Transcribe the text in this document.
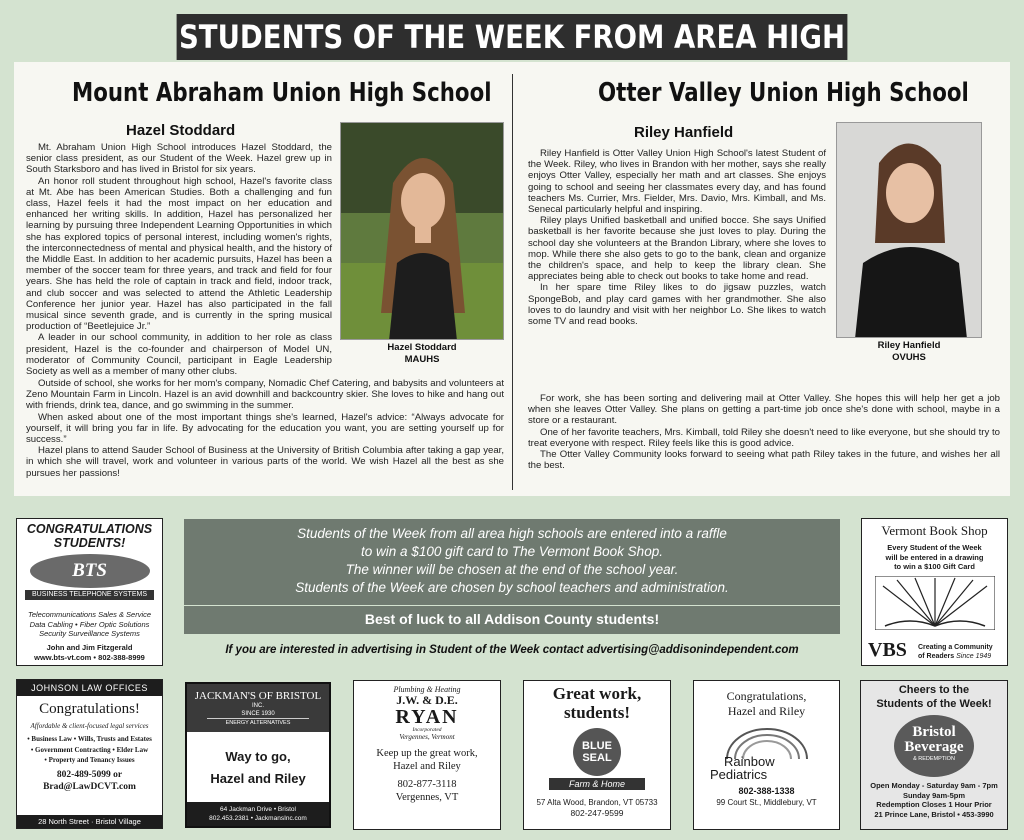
STUDENTS OF THE WEEK FROM AREA HIGH
Mount Abraham Union High School
Hazel Stoddard

Mt. Abraham Union High School introduces Hazel Stoddard, the senior class president, as our Student of the Week. Hazel grew up in South Starksboro and has lived in Bristol for six years.

An honor roll student throughout high school, Hazel's favorite class at Mt. Abe has been American Studies. Both a challenging and fun class, Hazel feels it had the most impact on her education and enhanced her writing skills. In addition, Hazel has personalized her learning by pursuing three Independent Learning Opportunities in which she has explored topics of personal interest, including women's rights, the interconnectedness of mental and physical health, and the history of the Middle East. In addition to her academic pursuits, Hazel has been a member of the soccer team for three years, and track and field for four years. She has held the role of captain in track and field, indoor track, and club soccer and was selected to attend the Athletic Leadership Conference her junior year. Hazel has also participated in the fall musical since seventh grade, and is currently in the spring musical production of “Beetlejuice Jr.”

A leader in our school community, in addition to her role as class president, Hazel is the co-founder and chairperson of Model UN, moderator of Community Council, participant in Eagle Leadership Society as well as a member of many other clubs.

Outside of school, she works for her mom's company, Nomadic Chef Catering, and babysits and volunteers at Zeno Mountain Farm in Lincoln. Hazel is an avid downhill and backcountry skier. She loves to hike and hang out with friends, drink tea, dance, and go swimming in the summer.

When asked about one of the most important things she's learned, Hazel's advice: “Always advocate for yourself, it will bring you far in life. By advocating for the education you want, you are setting yourself up for success.”

Hazel plans to attend Sauder School of Business at the University of British Columbia after taking a gap year, in which she will travel, work and volunteer in various parts of the world. We wish Hazel all the best as she pursues her passions!

Hazel Stoddard
MAUHS
Otter Valley Union High School
Riley Hanfield

Riley Hanfield is Otter Valley Union High School's latest Student of the Week. Riley, who lives in Brandon with her mother, says she really enjoys Otter Valley, especially her math and art classes. She enjoys going to school and seeing her classmates every day, and has found teachers Ms. Currier, Mrs. Fielder, Mrs. Davio, Mrs. Kimball, and Ms. Senecal particularly helpful and inspiring.

Riley plays Unified basketball and unified bocce. She says Unified basketball is her favorite because she just loves to play. During the school day she volunteers at the Brandon Library, where she loves to mop. While there she also gets to go to the bank, clean and organize the children's space, and help to keep the library clean. She appreciates being able to check out books to take home and read.

In her spare time Riley likes to do jigsaw puzzles, watch SpongeBob, and play card games with her grandmother. She also loves to do laundry and visit with her neighbor Lo. She likes to watch some TV and read books.

For work, she has been sorting and delivering mail at Otter Valley. She hopes this will help her get a job when she leaves Otter Valley. She plans on getting a part-time job once she's done with school, maybe in a store or a restaurant.

One of her favorite teachers, Mrs. Kimball, told Riley she doesn't need to like everyone, but she should try to treat everyone with respect. Riley feels like this is good advice.

The Otter Valley Community looks forward to seeing what path Riley takes in the future, and wishes her all the best.

Riley Hanfield
OVUHS
CONGRATULATIONS
STUDENTS!
BTS
BUSINESS TELEPHONE SYSTEMS
Telecommunications Sales & Service
Data Cabling • Fiber Optic Solutions
Security Surveillance Systems
John and Jim Fitzgerald
www.bts-vt.com • 802-388-8999
Students of the Week from all area high schools are entered into a raffle
to win a $100 gift card to The Vermont Book Shop.
The winner will be chosen at the end of the school year.
Students of the Week are chosen by school teachers and administration.
Best of luck to all Addison County students!
If you are interested in advertising in Student of the Week contact advertising@addisonindependent.com
Vermont Book Shop
Every Student of the Week
will be entered in a drawing
to win a $100 Gift Card
VBS Creating a Community
of Readers Since 1949
JOHNSON LAW OFFICES
Congratulations!
Affordable & client-focused legal services
• Business Law • Wills, Trusts and Estates
• Government Contracting • Elder Law
• Property and Tenancy Issues
802-489-5099 or
Brad@LawDCVT.com
28 North Street · Bristol Village
JACKMAN'S OF BRISTOL
INC.
SINCE 1930
ENERGY ALTERNATIVES
Way to go,
Hazel and Riley
64 Jackman Drive • Bristol
802.453.2381 • JackmansInc.com
Plumbing & Heating
J.W. & D.E.
RYAN
Incorporated
Vergennes, Vermont
Keep up the great work,
Hazel and Riley
802-877-3118
Vergennes, VT
Great work,
students!
BLUE
SEAL
Farm & Home
57 Alta Wood, Brandon, VT 05733
802-247-9599
Congratulations,
Hazel and Riley
Rainbow
Pediatrics
802-388-1338
99 Court St., Middlebury, VT
Cheers to the
Students of the Week!
Bristol
Beverage
& REDEMPTION
Open Monday - Saturday 9am - 7pm
Sunday 9am-5pm
Redemption Closes 1 Hour Prior
21 Prince Lane, Bristol • 453-3990
